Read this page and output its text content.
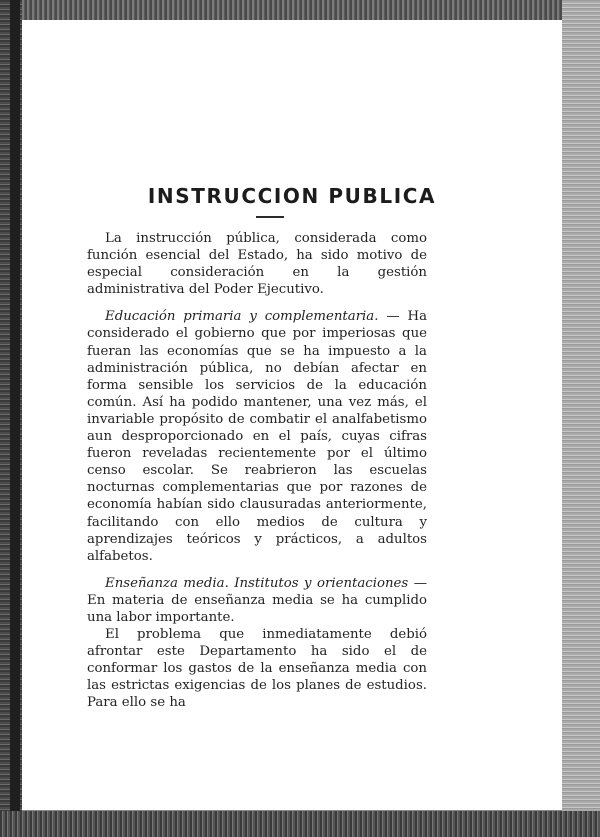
INSTRUCCION PUBLICA

La instrucción pública, considerada como función esencial del Estado, ha sido motivo de especial consideración en la gestión administrativa del Poder Ejecutivo.

Educación primaria y complementaria. — Ha considerado el gobierno que por imperiosas que fueran las economías que se ha impuesto a la administración pública, no debían afectar en forma sensible los servicios de la educación común. Así ha podido mantener, una vez más, el invariable propósito de combatir el analfabetismo aun desproporcionado en el país, cuyas cifras fueron reveladas recientemente por el último censo escolar. Se reabrieron las escuelas nocturnas complementarias que por razones de economía habían sido clausuradas anteriormente, facilitando con ello medios de cultura y aprendizajes teóricos y prácticos, a adultos alfabetos.

Enseñanza media. Institutos y orientaciones — En materia de enseñanza media se ha cumplido una labor importante.

El problema que inmediatamente debió afrontar este Departamento ha sido el de conformar los gastos de la enseñanza media con las estrictas exigencias de los planes de estudios. Para ello se ha
